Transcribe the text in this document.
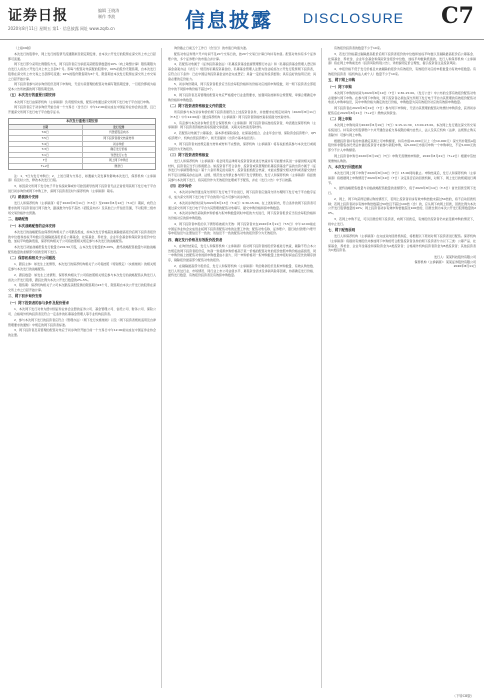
证券日报
2020年8月11日 星期五 第1 · 信息披露 网址 www.zqrb.cn
编辑 王晓涛
制作 李波	信息披露 DISCLOSURE C7

（上接C6版）

本次发行的股票中，网上发行的股票无流通限制及锁定期安排，自本次公开发行的股票在深交所上市之日起即可流通。

网下发行部分采用比例限售方式，网下投资者应当承诺其获配股票数量的10%（向上取整计算）限售期限为自发行人首次公开发行并上市之日起6个月。即每个配售对象获配的股票中，90%的股份无限售期，自本次发行股票在深交所上市交易之日起即可流通；10%的股份限售期为6个月，限售期自本次发行股票在深交所上市交易之日起开始计算。

网下投资者参与初步询价报价及网下申购时，无需为其管理的配售对象填写限售期安排，一旦报价即视为接受本公告所披露的网下限售期安排。

（五）本次发行的重要日期安排

本次网下发行由保荐机构（主承销商）负责组织实施，配售对象通过深交所网下发行电子平台进行申购。

网下投资者应于初步询价开始日前一个交易日（含当日）中午12:00前完成在中国证券业协会的注册，且已开通深交所网下发行电子平台数字证书。

本次发行重要日期安排
日期	发行安排
T-6日	刊登招股意向书
T-5日	网下投资者提交核查材料
T-4日	初步询价
T-3日	确定发行价格
T-1日	刊登发行公告
T日	网上网下申购日
T+2日	缴款日

注：1、T日为发行申购日；2、上述日期为交易日，如遇重大突发事件影响本次发行，保荐机构（主承销商）将及时公告，修改本次发行日程。

3、如因深交所网下发行电子平台系统故障或非可控因素导致网下投资者无法正常使用其网下发行电子平台进行初步询价或网下申购工作，请网下投资者及时与保荐机构（主承销商）联系。

（六）路演推介安排

发行人和保荐机构（主承销商）将于2020年8月11日（T-5日）至2020年8月12日（T-4日）期间，向符合要求的网下投资者进行网下推介，路演推介内容不超出《招股意向书》及其他已公开信息范围，不对股票二级市场交易价格作出预测。

二、战略配售
（一）本次战略配售的总体安排

本次发行的战略配售由保荐机构相关子公司跟投组成，如本次发行价格超过剔除最高报价后网下投资者报价的中位数和加权平均数以及剔除最高报价后公募基金、社保基金、养老金、企业年金基金和保险资金报价中位数、加权平均数孰低值，保荐机构相关子公司将按照相关规定参与本次发行的战略配售。

本次发行初始战略配售发行数量为202.50万股，占本次发行数量的5.00%，最终战略配售数量与初始战略配售数量的差额部分回拨至网下发行。

（二）保荐机构相关子公司跟投

1、跟投主体：如发生上述情形，本次发行的保荐机构相关子公司将按照《特别规定》《实施细则》的相关规定参与本次发行的战略配售。

2、跟投数量：如发生上述情形，保荐机构相关子公司将按照相关规定参与本次发行的战略配售认购发行人首次公开发行股票，跟投比例为本次公开发行数量的2%-5%。

3、限售期：保荐机构相关子公司本次跟投获配股票的限售期为24个月，限售期自本次公开发行的股票在深交所上市之日起开始计算。

三、网下初步询价安排
（一）网下投资者的参与条件及报价要求

1、本次网下发行对象为经中国证券业协会注册的证券公司、基金管理公司、信托公司、财务公司、保险公司、合格境外机构投资者及符合一定条件的私募基金管理人等专业机构投资者。

2、参与本次网下发行的投资者应符合《管理办法》《网下发行实施细则》以及《网下投资者规则适用及自律管理要求的通知》中规定的网下投资者标准。

3、网下投资者及其管理的配售对象应于初步询价开始日前一个交易日中午12:00前完成在中国证券业协会的注册。

询价截止日前五个工作日（含当日）的市值日均值为准。

配售对象证券账户开户时间不足20个交易日的，按20个交易日计算日均持有市值。配售对象持有多个证券账户的，多个证券账户的市值合并计算。

4、若配售对象属于《证券投资基金法》《私募投资基金监督管理暂行办法》和《私募投资基金管理人登记和基金备案办法（试行）》规范的私募投资基金的，私募基金管理人注册为创业板首次公开发行股票网下投资者，应符合以下条件：已在中国证券投资基金业协会完成登记；具备一定的证券投资经验；具有良好的信用记录；具备必要的定价能力。

5、初步询价期间，网下投资者报价应当包含每股价格和该价格对应的拟申购股数，同一网下投资者全部报价中的不同拟申购价格不超过3个。

6、网下投资者及其管理的配售对象应严格遵守行业监管要求，加强风险控制和合规管理，审慎合理确定申购价格和申购数量。

（二）网下投资者资格核查文件的提交

所有拟参与本次初步询价的网下投资者须符合上述投资者条件，并按要求在规定时间内（2020年8月11日（T-5日）中午12:00前）通过保荐机构（主承销商）网下投资者资格核查系统提交核查材料。

1、有意参与本次初步询价且符合保荐机构（主承销商）网下投资者标准的投资者，均需通过保荐机构（主承销商）网下投资者资格核查系统提交承诺函、关联关系核查表等材料。

2、若配售对象属于公募基金、基本养老保险基金、社保基金组合、企业年金计划、保险资金投资账户、QFII投资账户、机构自营投资账户，则无需提供《出资方基本信息表》。

3、网下投资者未按规定提交材料或材料不完整的，保荐机构（主承销商）将有权拒绝其参与本次发行或视其报价为无效报价。

（三）网下投资者资格核查

发行人和保荐机构（主承销商）将会同见证律师对投资者资质进行核查并有可能要求其进一步提供相关证明材料，投资者应当予以积极配合。如投资者不符合条件、投资者或其管理的私募投资基金产品的出资方属于《证券发行与承销管理办法》第十六条所界定的关联方、投资者拒绝配合核查、未能完整提交相关材料或者提交的材料不足以排除其存在法律、法规、规范性文件禁止参与网下发行情形的，发行人和保荐机构（主承销商）将拒绝其参与本次网下发行、将其报价作为无效报价处理或不予配售，并在《发行公告》中予以披露。

（四）初步询价

1、本次初步询价通过深交所网下发行电子平台进行，网下投资者应到深交所办理网下发行电子平台数字证书，成为深交所网下发行电子平台的用户后方可参与初步询价。

2、本次初步询价时间为2020年8月13日（T-4日）9:30-15:00。在上述时间内，符合条件的网下投资者可通过深交所网下发行电子平台为其管理的配售对象填写、提交申购价格和拟申购数量。

3、本次初步询价采取拟申购价格与拟申购数量同时申报的方式进行，网下投资者报价应当包含每股价格和该价格对应的拟申购股数。

4、网下投资者申报的以下情形将被视为无效：网下投资者未在2020年8月11日（T-5日）中午12:00前在中国证券业协会完成创业板网下投资者配售对象的注册工作的；配售对象名称、证券账户、银行收付款账户/账号等申报信息与注册信息不一致的；该信息不一致的配售对象的报价部分为无效报价。

四、确定发行价格及有效报价投资者

1、在询价结束后，发行人和保荐机构（主承销商）将对网下投资者的报价资格进行核查，剔除不符合本公告规定的网下投资者报价后，协商一致将拟申购价格高于某一价格的配售对象的报价按照申购价格由高到低、同一申购价格上按配售对象的拟申购数量由小到大、同一申购价格同一拟申购数量上按申报时间由后至先的顺序排序，剔除报价最高部分配售对象的报价。

2、在剔除最高部分报价后，发行人和保荐机构（主承销商）考虑剩余报价及拟申购数量、有效认购倍数、发行人所处行业、市场情况、同行业上市公司估值水平、募集资金需求及承销风险等因素，协商确定发行价格、最终发行数量、有效报价投资者及有效拟申购数量。

有效报价投资者的数量不少于10家。

3、若发行价格超过剔除最高报价后网下投资者报价的中位数和加权平均数以及剔除最高报价后公募基金、社保基金、养老金、企业年金基金和保险资金报价中位数、加权平均数孰低值的，发行人和保荐机构（主承销商）将在网上申购前发布《投资风险特别公告》，详细说明定价合理性，提示投资者注意投资风险。

4、申报价格不低于发行价格且未被剔除的报价为有效报价，有效报价对应的申报数量为有效申报数量。有效报价投资者（指机构法人或个人）数量不少于10家。

五、网下网上申购
（一）网下申购

本次网下申购的时间为2020年8月19日（T日）9:30-15:00。《发行公告》中公布的全部有效报价配售对象必须参与网下申购。在参与网下申购时，网下投资者必须在深交所网下发行电子平台为其管理的有效报价配售对象录入申购单信息，其中申购价格为确定的发行价格，申购数量为其有效报价对应的有效拟申购数量。

网下投资者在2020年8月19日（T日）参与网下申购时，无需为其管理的配售对象缴付申购资金，获得初步配售后在2020年8月21日（T+2日）缴纳认购资金。

（二）网上申购

本次网上申购时间为2020年8月19日（T日）9:15-11:30、13:00-15:00。本次网上发行通过深交所交易系统进行。持有深交所股票账户卡并开通创业板交易权限的境内自然人、法人及其它机构（法律、法规禁止购买者除外）可参与网上申购。

根据投资者持有的市值确定其网上可申购额度，持有市值10,000元以上（含10,000元）深交所非限售A股股份和非限售存托凭证市值的投资者才能参与新股申购，每5,000元市值可申购一个申购单位，不足5,000元的部分不计入申购额度。

网上投资者申购日2020年8月19日（T日）申购无需缴纳申购款，2020年8月21日（T+2日）根据中签结果缴纳认购款。

六、本次发行回拨机制

本次发行网上网下申购于2020年8月19日（T日）15:00同时截止。申购结束后，发行人和保荐机构（主承销商）将根据网上申购情况于2020年8月19日（T日）决定是否启动回拨机制，对网下、网上发行的规模进行调节。

1、最终战略配售数量与初始战略配售数量的差额部分，将于2020年8月14日（T-3日）首先回拨至网下发行。

2、网上、网下均获得足额认购的情况下，若网上投资者初步有效申购倍数未超过50倍的，将不启动回拨机制；若网上投资者初步有效申购倍数超过50倍且不超过100倍（含）的，应从网下向网上回拨，回拨比例为本次公开发行股票数量的10%；网上投资者初步有效申购倍数超过100倍的，回拨比例为本次公开发行股票数量的20%。

3、若网上申购不足，可以回拨给网下投资者，向网下回拨后，有效报价投资者仍未能足额申购的情况下，则中止发行。

七、网下配售原则

发行人和保荐机构（主承销商）在完成双向回拨机制后，将根据以下原则对网下投资者进行配售。保荐机构（主承销商）将提供有效报价并参加网下申购的符合配售投资者条件的网下投资者分为以下三类：公募产品、社保基金、养老金、企业年金基金和保险资金为A类投资者；合格境外机构投资者资金为B类投资者；其他投资者为C类投资者。

发行人：某某科技股份有限公司
保荐机构（主承销商）：某某证券股份有限公司
2020年8月11日
（下转C8版）
